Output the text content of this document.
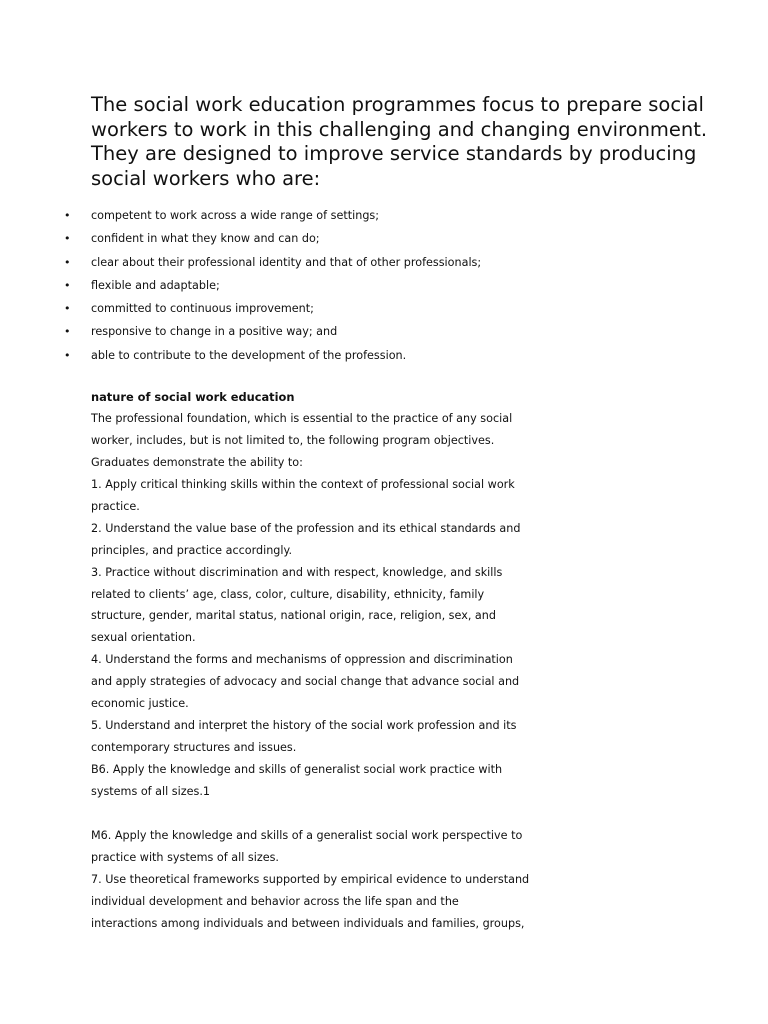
The social work education programmes focus to prepare social workers to work in this challenging and changing environment. They are designed to improve service standards by producing social workers who are:
• competent to work across a wide range of settings;
• confident in what they know and can do;
• clear about their professional identity and that of other professionals;
• flexible and adaptable;
• committed to continuous improvement;
• responsive to change in a positive way; and
• able to contribute to the development of the profession.
nature of social work education
The professional foundation, which is essential to the practice of any social
worker, includes, but is not limited to, the following program objectives.
Graduates demonstrate the ability to:
1. Apply critical thinking skills within the context of professional social work
practice.
2. Understand the value base of the profession and its ethical standards and
principles, and practice accordingly.
3. Practice without discrimination and with respect, knowledge, and skills
related to clients’ age, class, color, culture, disability, ethnicity, family
structure, gender, marital status, national origin, race, religion, sex, and
sexual orientation.
4. Understand the forms and mechanisms of oppression and discrimination
and apply strategies of advocacy and social change that advance social and
economic justice.
5. Understand and interpret the history of the social work profession and its
contemporary structures and issues.
B6. Apply the knowledge and skills of generalist social work practice with
systems of all sizes.1
M6. Apply the knowledge and skills of a generalist social work perspective to
practice with systems of all sizes.
7. Use theoretical frameworks supported by empirical evidence to understand
individual development and behavior across the life span and the
interactions among individuals and between individuals and families, groups,
